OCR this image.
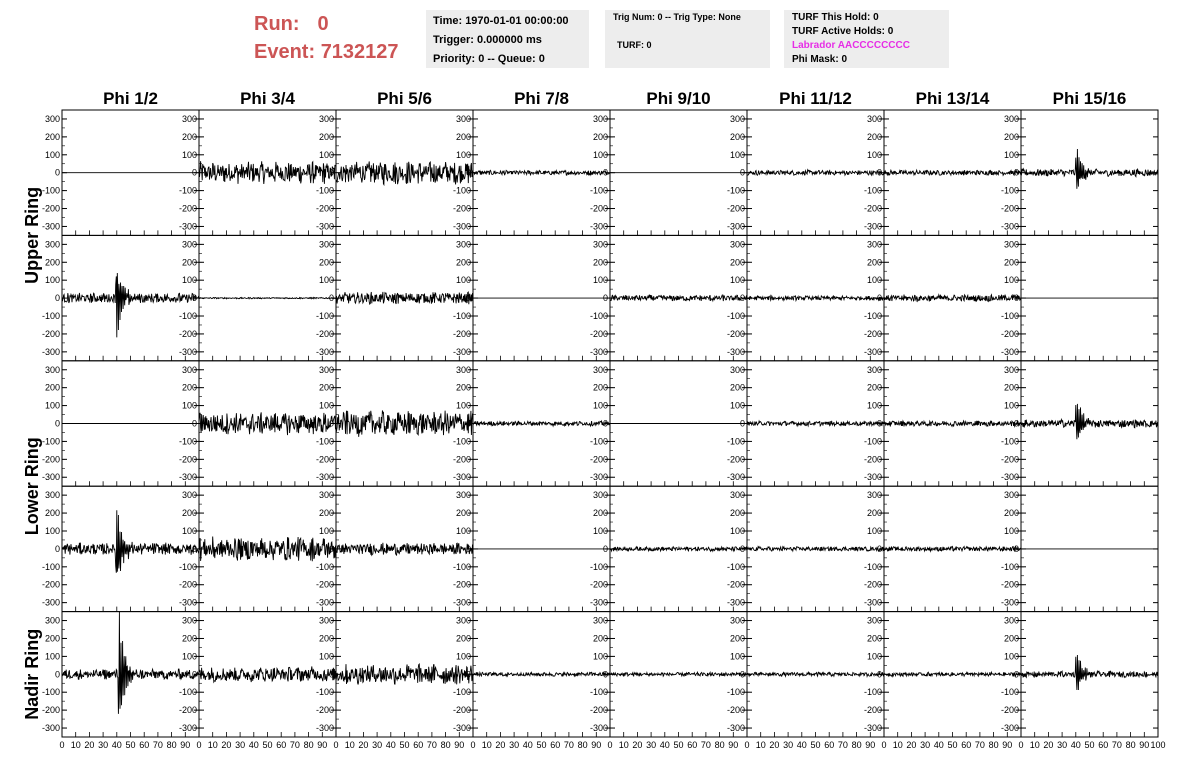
Run: 0
Event: 7132127
Time: 1970-01-01 00:00:00
Trigger: 0.000000 ms
Priority: 0 -- Queue: 0
Trig Num: 0 -- Trig Type: None
TURF: 0
TURF This Hold: 0
TURF Active Holds: 0
Labrador AACCCCCCCC
Phi Mask: 0
Phi 1/2	Phi 3/4	Phi 5/6	Phi 7/8	Phi 9/10	Phi 11/12	Phi 13/14	Phi 15/16
Upper Ring
Lower Ring
Nadir Ring
-300
-200
-100
0
100
200
300
-300
-200
-100
0
100
200
300
-300
-200
-100
0
100
200
300
-300
-200
-100
0
100
200
300
-300
-200
-100
0
100
200
300
-300
-200
-100
0
100
200
300
-300
-200
-100
0
100
200
300
-300
-200
-100
0
100
200
300
-300
-200
-100
0
100
200
300
-300
-200
-100
0
100
200
300
-300
-200
-100
0
100
200
300
-300
-200
-100
0
100
200
300
-300
-200
-100
0
100
200
300
-300
-200
-100
0
100
200
300
-300
-200
-100
0
100
200
300
-300
-200
-100
0
100
200
300
-300
-200
-100
0
100
200
300
-300
-200
-100
0
100
200
300
-300
-200
-100
0
100
200
300
-300
-200
-100
0
100
200
300
-300
-200
-100
0
100
200
300
-300
-200
-100
0
100
200
300
-300
-200
-100
0
100
200
300
-300
-200
-100
0
100
200
300
-300
-200
-100
0
100
200
300
-300
-200
-100
0
100
200
300
-300
-200
-100
0
100
200
300
-300
-200
-100
0
100
200
300
-300
-200
-100
0
100
200
300
-300
-200
-100
0
100
200
300
-300
-200
-100
0
100
200
300
-300
-200
-100
0
100
200
300
-300
-200
-100
0
100
200
300
-300
-200
-100
0
100
200
300
-300
-200
-100
0
100
200
300
-300
-200
-100
0
100
200
300
-300
-200
-100
0
100
200
300
-300
-200
-100
0
100
200
300
-300
-200
-100
0
100
200
300
-300
-200
-100
0
100
200
300
0 10 20 30 40 50 60 70 80 90 0 10 20 30 40 50 60 70 80 90 0 10 20 30 40 50 60 70 80 90 0 10 20 30 40 50 60 70 80 90 0 10 20 30 40 50 60 70 80 90 0 10 20 30 40 50 60 70 80 90 0 10 20 30 40 50 60 70 80 90 0 10 20 30 40 50 60 70 80 90 100
